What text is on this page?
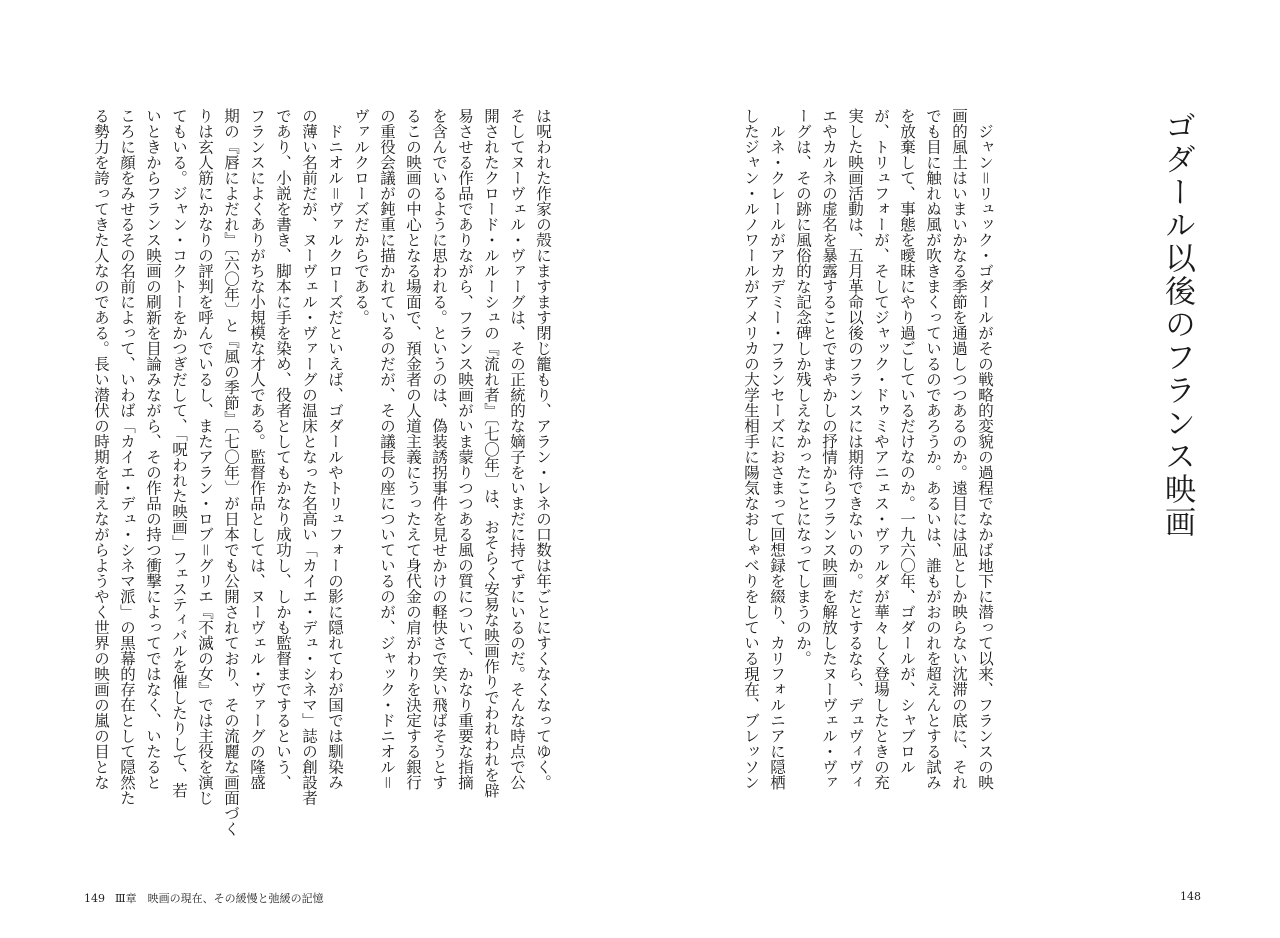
ゴダール以後のフランス映画
　ジャン＝リュック・ゴダールがその戦略的変貌の過程でなかば地下に潜って以来、フランスの映
画的風土はいまいかなる季節を通過しつつあるのか。遠目には凪としか映らない沈滞の底に、それ
でも目に触れぬ風が吹きまくっているのであろうか。あるいは、誰もがおのれを超えんとする試み
を放棄して、事態を曖昧にやり過ごしているだけなのか。一九六〇年、ゴダールが、シャブロル
が、トリュフォーが、そしてジャック・ドゥミやアニェス・ヴァルダが華々しく登場したときの充
実した映画活動は、五月革命以後のフランスには期待できないのか。だとするなら、デュヴィヴィ
エやカルネの虚名を暴露することでまやかしの抒情からフランス映画を解放したヌーヴェル・ヴァ
ーグは、その跡に風俗的な記念碑しか残しえなかったことになってしまうのか。
　ルネ・クレールがアカデミー・フランセーズにおさまって回想録を綴り、カリフォルニアに隠栖
したジャン・ルノワールがアメリカの大学生相手に陽気なおしゃべりをしている現在、ブレッソン
は呪われた作家の殻にますます閉じ籠もり、アラン・レネの口数は年ごとにすくなくなってゆく。
そしてヌーヴェル・ヴァーグは、その正統的な嫡子をいまだに持てずにいるのだ。そんな時点で公
開されたクロード・ルルーシュの『流れ者』〔七〇年〕は、おそらく安易な映画作りでわれわれを辟
易させる作品でありながら、フランス映画がいま蒙りつつある風の質について、かなり重要な指摘
を含んでいるように思われる。というのは、偽装誘拐事件を見せかけの軽快さで笑い飛ばそうとす
るこの映画の中心となる場面で、預金者の人道主義にうったえて身代金の肩がわりを決定する銀行
の重役会議が鈍重に描かれているのだが、その議長の座についているのが、ジャック・ドニオル＝
ヴァルクローズだからである。
　ドニオル＝ヴァルクローズだといえば、ゴダールやトリュフォーの影に隠れてわが国では馴染み
の薄い名前だが、ヌーヴェル・ヴァーグの温床となった名高い「カイエ・デュ・シネマ」誌の創設者
であり、小説を書き、脚本に手を染め、役者としてもかなり成功し、しかも監督までするという、
フランスによくありがちな小規模な才人である。監督作品としては、ヌーヴェル・ヴァーグの隆盛
期の『唇によだれ』〔六〇年〕と『風の季節』〔七〇年〕が日本でも公開されており、その流麗な画面づく
りは玄人筋にかなりの評判を呼んでいるし、またアラン・ロブ＝グリエ『不滅の女』では主役を演じ
てもいる。ジャン・コクトーをかつぎだして、「呪われた映画」フェスティバルを催したりして、若
いときからフランス映画の刷新を目論みながら、その作品の持つ衝撃によってではなく、いたると
ころに顔をみせるその名前によって、いわば「カイエ・デュ・シネマ派」の黒幕的存在として隠然た
る勢力を誇ってきた人なのである。長い潜伏の時期を耐えながらようやく世界の映画の嵐の目とな
149 Ⅲ章　映画の現在、その緩慢と弛緩の記憶	148
